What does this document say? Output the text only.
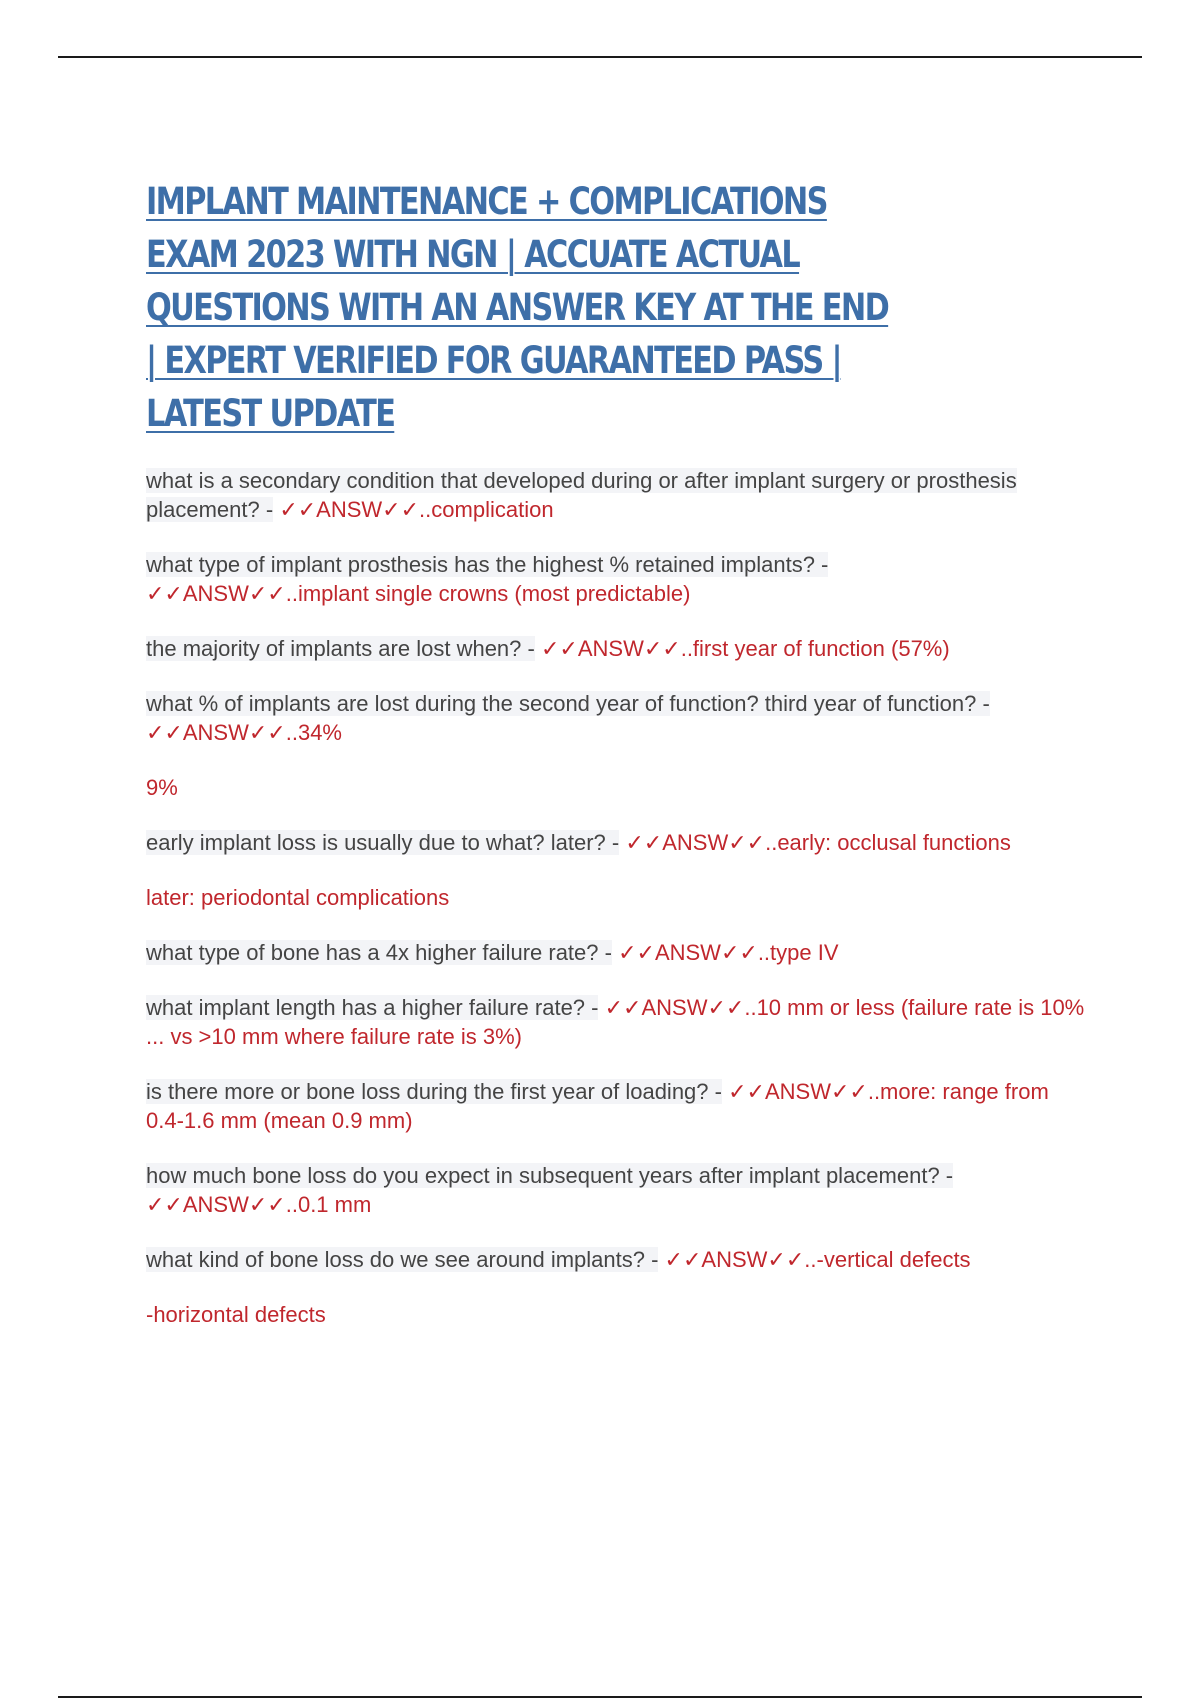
IMPLANT MAINTENANCE + COMPLICATIONS EXAM 2023 WITH NGN | ACCUATE ACTUAL QUESTIONS WITH AN ANSWER KEY AT THE END | EXPERT VERIFIED FOR GUARANTEED PASS | LATEST UPDATE

what is a secondary condition that developed during or after implant surgery or prosthesis placement? - ✓✓ANSW✓✓..complication

what type of implant prosthesis has the highest % retained implants? -
✓✓ANSW✓✓..implant single crowns (most predictable)

the majority of implants are lost when? - ✓✓ANSW✓✓..first year of function (57%)

what % of implants are lost during the second year of function? third year of function? -
✓✓ANSW✓✓..34%

9%

early implant loss is usually due to what? later? - ✓✓ANSW✓✓..early: occlusal functions

later: periodontal complications

what type of bone has a 4x higher failure rate? - ✓✓ANSW✓✓..type IV

what implant length has a higher failure rate? - ✓✓ANSW✓✓..10 mm or less (failure rate is 10% ... vs >10 mm where failure rate is 3%)

is there more or bone loss during the first year of loading? - ✓✓ANSW✓✓..more: range from 0.4-1.6 mm (mean 0.9 mm)

how much bone loss do you expect in subsequent years after implant placement? -
✓✓ANSW✓✓..0.1 mm

what kind of bone loss do we see around implants? - ✓✓ANSW✓✓..-vertical defects

-horizontal defects
